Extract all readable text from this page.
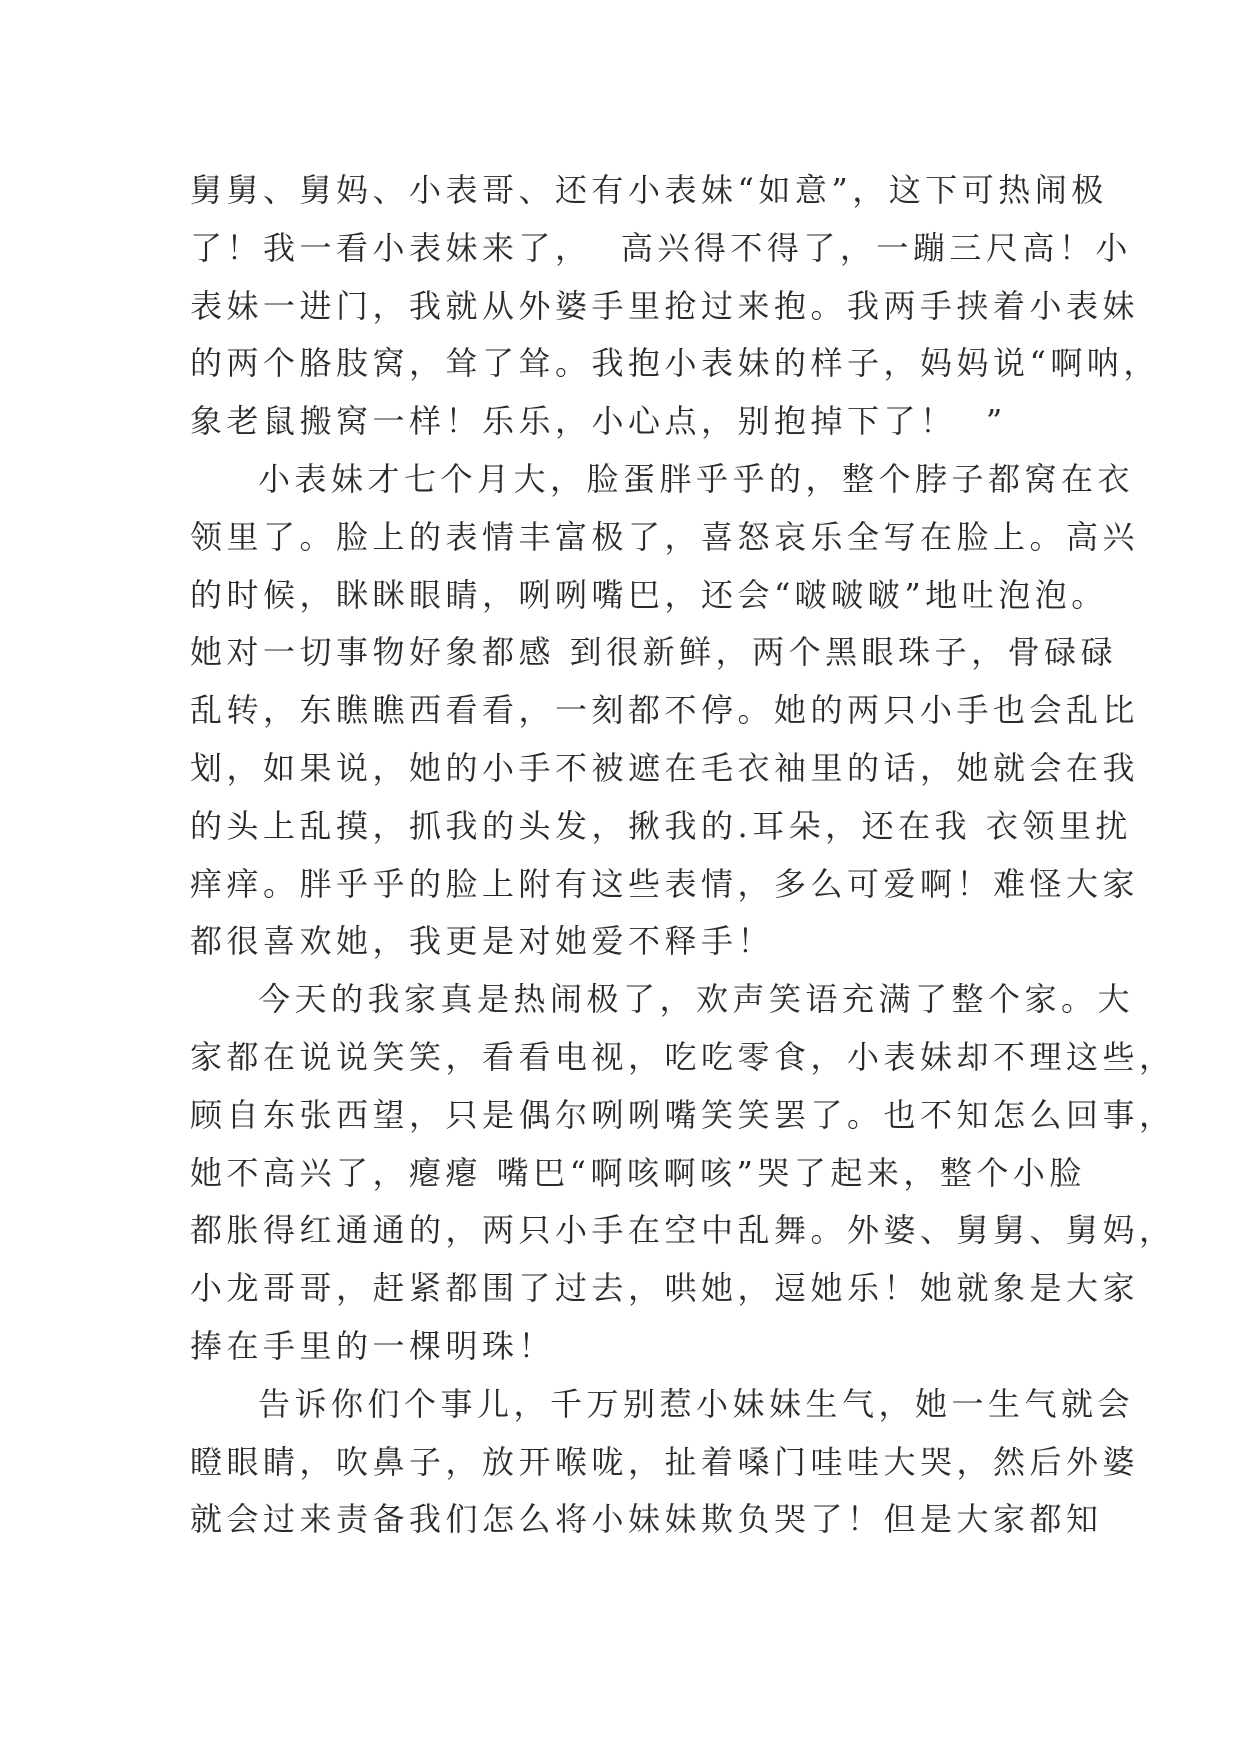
舅舅、舅妈、小表哥、还有小表妹“如意”，这下可热闹极
了！我一看小表妹来了，  高兴得不得了，一蹦三尺高！小
表妹一进门，我就从外婆手里抢过来抱。我两手挟着小表妹
的两个胳肢窝，耸了耸。我抱小表妹的样子，妈妈说“啊呐，
象老鼠搬窝一样！乐乐，小心点，别抱掉下了！  ”
小表妹才七个月大，脸蛋胖乎乎的，整个脖子都窝在衣
领里了。脸上的表情丰富极了，喜怒哀乐全写在脸上。高兴
的时候，眯眯眼睛，咧咧嘴巴，还会“啵啵啵”地吐泡泡。
她对一切事物好象都感 到很新鲜，两个黑眼珠子，骨碌碌
乱转，东瞧瞧西看看，一刻都不停。她的两只小手也会乱比
划，如果说，她的小手不被遮在毛衣袖里的话，她就会在我
的头上乱摸，抓我的头发，揪我的.耳朵，还在我 衣领里扰
痒痒。胖乎乎的脸上附有这些表情，多么可爱啊！难怪大家
都很喜欢她，我更是对她爱不释手！
今天的我家真是热闹极了，欢声笑语充满了整个家。大
家都在说说笑笑，看看电视，吃吃零食，小表妹却不理这些，
顾自东张西望，只是偶尔咧咧嘴笑笑罢了。也不知怎么回事，
她不高兴了，瘪瘪 嘴巴“啊咳啊咳”哭了起来，整个小脸
都胀得红通通的，两只小手在空中乱舞。外婆、舅舅、舅妈，
小龙哥哥，赶紧都围了过去，哄她，逗她乐！她就象是大家
捧在手里的一棵明珠！
告诉你们个事儿，千万别惹小妹妹生气，她一生气就会
瞪眼睛，吹鼻子，放开喉咙，扯着嗓门哇哇大哭，然后外婆
就会过来责备我们怎么将小妹妹欺负哭了！但是大家都知
